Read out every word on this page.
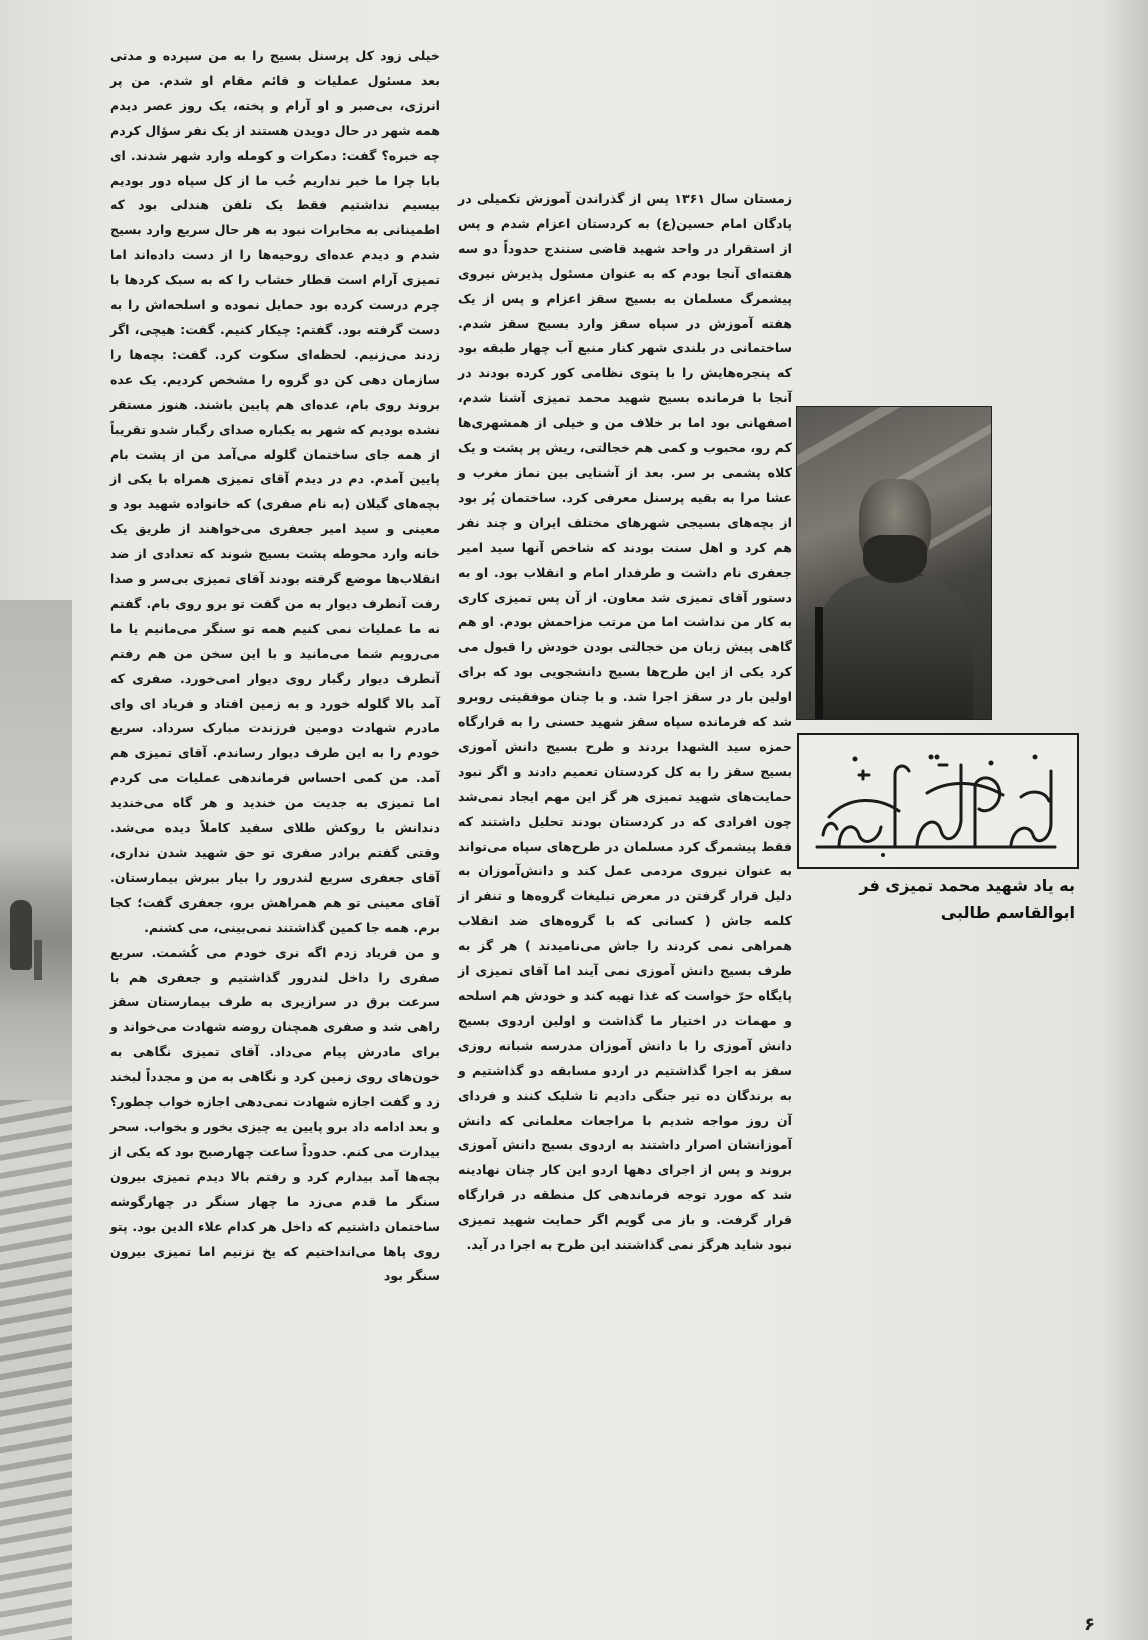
خیلی زود کل پرسنل بسیج را به من سپرده و مدتی بعد مسئول عملیات و قائم مقام او شدم. من پر انرژی، بی‌صبر و او آرام و پخته، یک روز عصر دیدم همه شهر در حال دویدن هستند از یک نفر سؤال کردم چه خبره؟ گفت: دمکرات و کومله وارد شهر شدند. ای بابا چرا ما خبر نداریم خُب ما از کل سپاه دور بودیم بیسیم نداشتیم فقط یک تلفن هندلی بود که اطمینانی به مخابرات نبود به هر حال سریع وارد بسیج شدم و دیدم عده‌ای روحیه‌ها را از دست داده‌اند اما تمیزی آرام است قطار خشاب را که به سبک کردها با چرم درست کرده بود حمایل نموده و اسلحه‌اش را به دست گرفته بود. گفتم: چیکار کنیم. گفت: هیچی، اگر زدند می‌زنیم. لحظه‌ای سکوت کرد. گفت: بچه‌ها را سازمان دهی کن دو گروه را مشخص کردیم. یک عده بروند روی بام، عده‌ای هم پایین باشند. هنوز مستقر نشده بودیم که شهر به یکباره صدای رگبار شدو تقریباً از همه جای ساختمان گلوله می‌آمد من از پشت بام پایین آمدم. دم در دیدم آقای تمیزی همراه با یکی از بچه‌های گیلان (به نام صفری) که خانواده شهید بود و معینی و سید امیر جعفری می‌خواهند از طریق یک خانه وارد محوطه پشت بسیج شوند که تعدادی از ضد انقلاب‌ها موضع گرفته بودند آقای تمیزی بی‌سر و صدا رفت آنطرف دیوار به من گفت تو برو روی بام. گفتم نه ما عملیات نمی کنیم همه تو سنگر می‌مانیم یا ما می‌رویم شما می‌مانید و با این سخن من هم رفتم آنطرف دیوار رگبار روی دیوار امی‌خورد. صفری که آمد بالا گلوله خورد و به زمین افتاد و فریاد ای وای مادرم شهادت دومین فرزندت مبارک سرداد. سریع خودم را به این طرف دیوار رساندم. آقای تمیزی هم آمد. من کمی احساس فرماندهی عملیات می کردم اما تمیزی به جدیت من خندید و هر گاه می‌خندید دندانش با روکش طلای سفید کاملاً دیده می‌شد. وقتی گفتم برادر صفری تو حق شهید شدن نداری، آقای جعفری سریع لندرور را بیار ببرش بیمارستان. آقای معینی تو هم همراهش برو، جعفری گفت؛ کجا برم. همه جا کمین گذاشتند نمی‌بینی، می کشنم.

و من فریاد زدم اگه نری خودم می کُشمت. سریع صفری را داخل لندرور گذاشتیم و جعفری هم با سرعت برق در سرازیری به طرف بیمارستان سقز راهی شد و صفری همچنان روضه شهادت می‌خواند و برای مادرش پیام می‌داد. آقای تمیزی نگاهی به خون‌های روی زمین کرد و نگاهی به من و مجدداً لبخند زد و گفت اجازه شهادت نمی‌دهی اجازه خواب چطور؟ و بعد ادامه داد برو پایین یه چیزی بخور و بخواب. سحر بیدارت می کنم. حدوداً ساعت چهارصبح بود که یکی از بچه‌ها آمد بیدارم کرد و رفتم بالا دیدم تمیزی بیرون سنگر ما قدم می‌زد ما چهار سنگر در چهارگوشه ساختمان داشتیم که داخل هر کدام علاء الدین بود. پتو روی پاها می‌انداختیم که یخ نزنیم اما تمیزی بیرون سنگر بود

زمستان سال ۱۳۶۱ پس از گذراندن آموزش تکمیلی در پادگان امام حسین(ع) به کردستان اعزام شدم و پس از استقرار در واحد شهید قاضی سنندج حدوداً دو سه هفته‌ای آنجا بودم که به عنوان مسئول پذیرش نیروی پیشمرگ مسلمان به بسیج سقز اعزام و پس از یک هفته آموزش در سپاه سقز وارد بسیج سقز شدم. ساختمانی در بلندی شهر کنار منبع آب چهار طبقه بود که پنجره‌هایش را با پتوی نظامی کور کرده بودند در آنجا با فرمانده بسیج شهید محمد تمیزی آشنا شدم، اصفهانی بود اما بر خلاف من و خیلی از همشهری‌ها کم رو، محبوب و کمی هم خجالتی، ریش پر پشت و یک کلاه پشمی بر سر. بعد از آشنایی بین نماز مغرب و عشا مرا به بقیه پرسنل معرفی کرد. ساختمان پُر بود از بچه‌های بسیجی شهرهای مختلف ایران و چند نفر هم کرد و اهل سنت بودند که شاخص آنها سید امیر جعفری نام داشت و طرفدار امام و انقلاب بود. او به دستور آقای تمیزی شد معاون. از آن پس تمیزی کاری به کار من نداشت اما من مرتب مزاحمش بودم. او هم گاهی پیش زبان من خجالتی بودن خودش را قبول می کرد یکی از این طرح‌ها بسیج دانشجویی بود که برای اولین بار در سقز اجرا شد. و با چنان موفقیتی روبرو شد که فرمانده سپاه سقز شهید حسنی را به قرارگاه حمزه سید الشهدا بردند و طرح بسیج دانش آموزی بسیج سقز را به کل کردستان تعمیم دادند و اگر نبود حمایت‌های شهید تمیزی هر گز این مهم ایجاد نمی‌شد چون افرادی که در کردستان بودند تحلیل داشتند که فقط پیشمرگ کرد مسلمان در طرح‌های سپاه می‌تواند به عنوان نیروی مردمی عمل کند و دانش‌آموزان به دلیل قرار گرفتن در معرض تبلیغات گروه‌ها و تنفر از کلمه جاش ( کسانی که با گروه‌های ضد انقلاب همراهی نمی کردند را جاش می‌نامیدند ) هر گز به طرف بسیج دانش آموزی نمی آیند اما آقای تمیزی از پایگاه حرّ خواست که غذا تهیه کند و خودش هم اسلحه و مهمات در اختیار ما گذاشت و اولین اردوی بسیج دانش آموزی را با دانش آموزان مدرسه شبانه روزی سقز به اجرا گذاشتیم در اردو مسابقه دو گذاشتیم و به برندگان ده تیر جنگی دادیم تا شلیک کنند و فردای آن روز مواجه شدیم با مراجعات معلمانی که دانش آموزانشان اصرار داشتند به اردوی بسیج دانش آموزی بروند و پس از اجرای دهها اردو این کار چنان نهادینه شد که مورد توجه فرماندهی کل منطقه در قرارگاه قرار گرفت. و باز می گویم اگر حمایت شهید تمیزی نبود شاید هرگز نمی گذاشتند این طرح به اجرا در آید.

به یاد شهید محمد تمیزی فر
ابوالقاسم طالبی
۶
